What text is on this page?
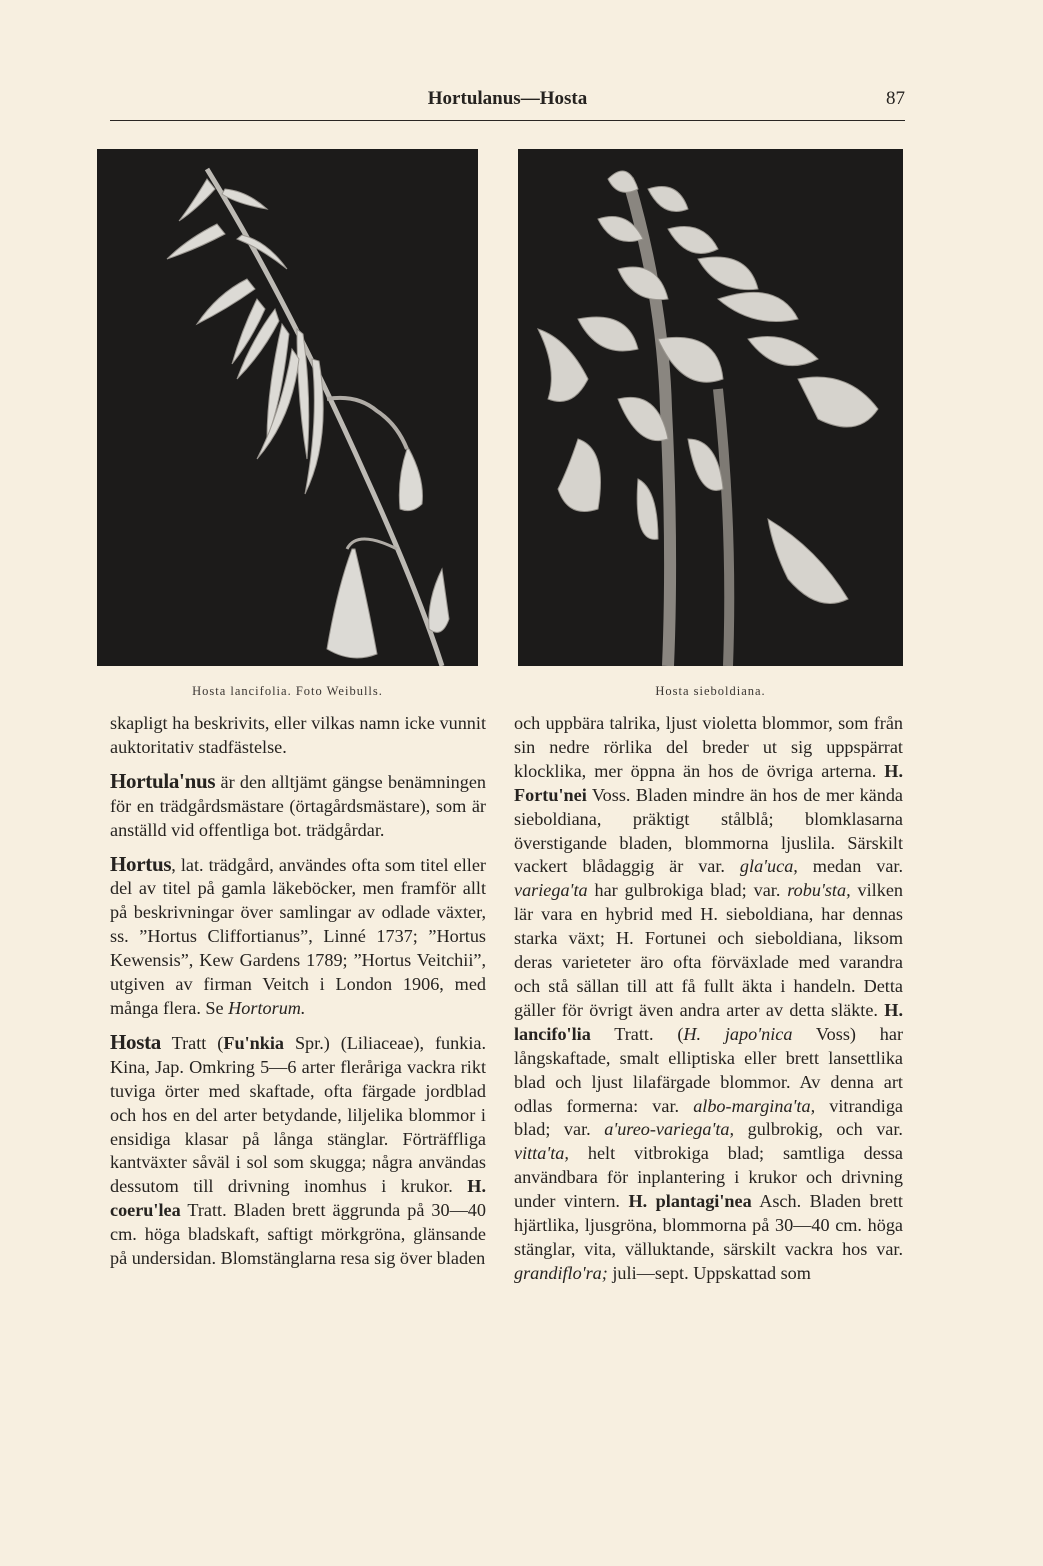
Hortulanus—Hosta	87
Hosta lancifolia. Foto Weibulls.	Hosta sieboldiana.

skapligt ha beskrivits, eller vilkas namn icke vunnit auktoritativ stadfästelse.

Hortula'nus är den alltjämt gängse benämningen för en trädgårdsmästare (örtagårdsmästare), som är anställd vid offentliga bot. trädgårdar.

Hortus, lat. trädgård, användes ofta som titel eller del av titel på gamla läkeböcker, men framför allt på beskrivningar över samlingar av odlade växter, ss. ”Hortus Cliffortianus”, Linné 1737; ”Hortus Kewensis”, Kew Gardens 1789; ”Hortus Veitchii”, utgiven av firman Veitch i London 1906, med många flera. Se Hortorum.

Hosta Tratt (Fu'nkia Spr.) (Liliaceae), funkia. Kina, Jap. Omkring 5—6 arter fleråriga vackra rikt tuviga örter med skaftade, ofta färgade jordblad och hos en del arter betydande, liljelika blommor i ensidiga klasar på långa stänglar. Förträffliga kantväxter såväl i sol som skugga; några användas dessutom till drivning inomhus i krukor. H. coeru'lea Tratt. Bladen brett äggrunda på 30—40 cm. höga bladskaft, saftigt mörkgröna, glänsande på undersidan. Blomstänglarna resa sig över bladen

och uppbära talrika, ljust violetta blommor, som från sin nedre rörlika del breder ut sig uppspärrat klocklika, mer öppna än hos de övriga arterna. H. Fortu'nei Voss. Bladen mindre än hos de mer kända sieboldiana, präktigt stålblå; blomklasarna överstigande bladen, blommorna ljuslila. Särskilt vackert blådaggig är var. gla'uca, medan var. variega'ta har gulbrokiga blad; var. robu'sta, vilken lär vara en hybrid med H. sieboldiana, har dennas starka växt; H. Fortunei och sieboldiana, liksom deras varieteter äro ofta förväxlade med varandra och stå sällan till att få fullt äkta i handeln. Detta gäller för övrigt även andra arter av detta släkte. H. lancifo'lia Tratt. (H. japo'nica Voss) har långskaftade, smalt elliptiska eller brett lansettlika blad och ljust lilafärgade blommor. Av denna art odlas formerna: var. albo-margina'ta, vitrandiga blad; var. a'ureo-variega'ta, gulbrokig, och var. vitta'ta, helt vitbrokiga blad; samtliga dessa användbara för inplantering i krukor och drivning under vintern. H. plantagi'nea Asch. Bladen brett hjärtlika, ljusgröna, blommorna på 30—40 cm. höga stänglar, vita, välluktande, särskilt vackra hos var. grandiflo'ra; juli—sept. Uppskattad som
